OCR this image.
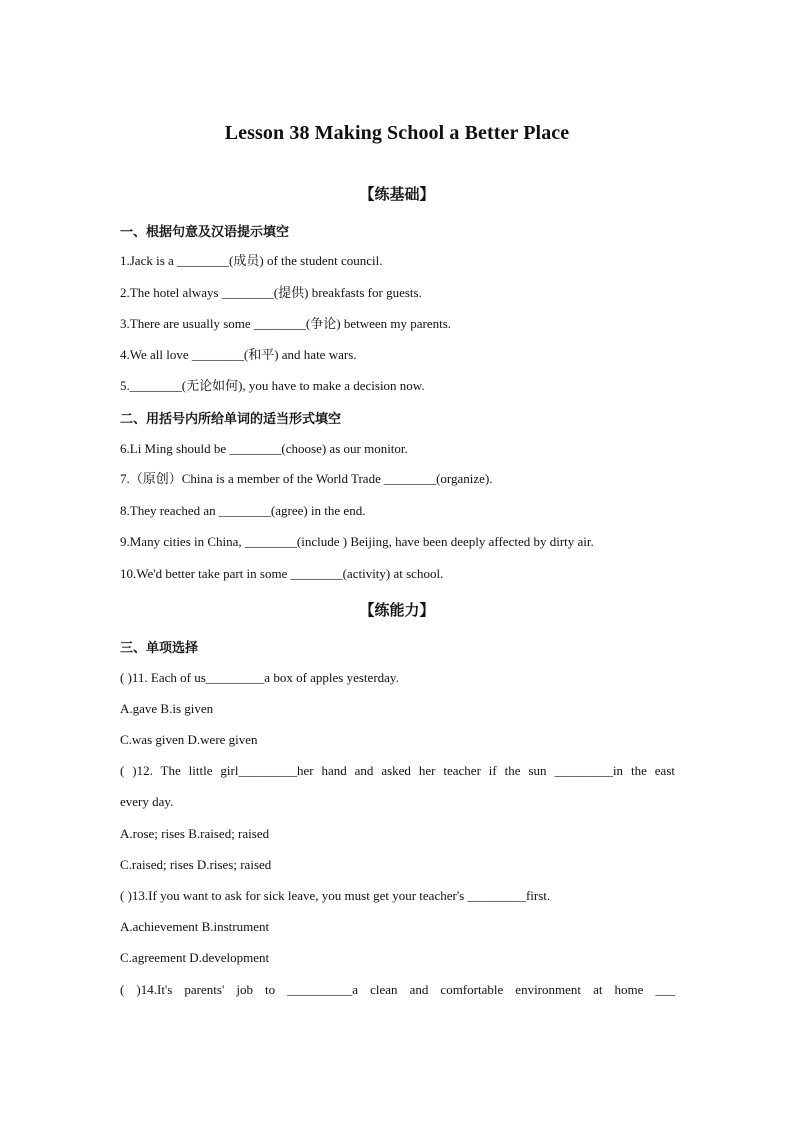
Lesson 38 Making School a Better Place
【练基础】
一、根据句意及汉语提示填空
1.Jack is a ________(成员) of the student council.
2.The hotel always ________(提供) breakfasts for guests.
3.There are usually some ________(争论) between my parents.
4.We all love ________(和平) and hate wars.
5.________(无论如何), you have to make a decision now.
二、用括号内所给单词的适当形式填空
6.Li Ming should be ________(choose) as our monitor.
7.（原创）China is a member of the World Trade ________(organize).
8.They reached an ________(agree) in the end.
9.Many cities in China, ________(include ) Beijing, have been deeply affected by dirty air.
10.We'd better take part in some ________(activity) at school.
【练能力】
三、单项选择
( )11. Each of us_________a box of apples yesterday.
A.gave B.is given
C.was given D.were given
( )12. The little girl_________her hand and asked her teacher if the sun _________in the east
every day.
A.rose; rises B.raised; raised
C.raised; rises D.rises; raised
( )13.If you want to ask for sick leave, you must get your teacher's _________first.
A.achievement B.instrument
C.agreement D.development
( )14.It's parents' job to __________a clean and comfortable environment at home ___
